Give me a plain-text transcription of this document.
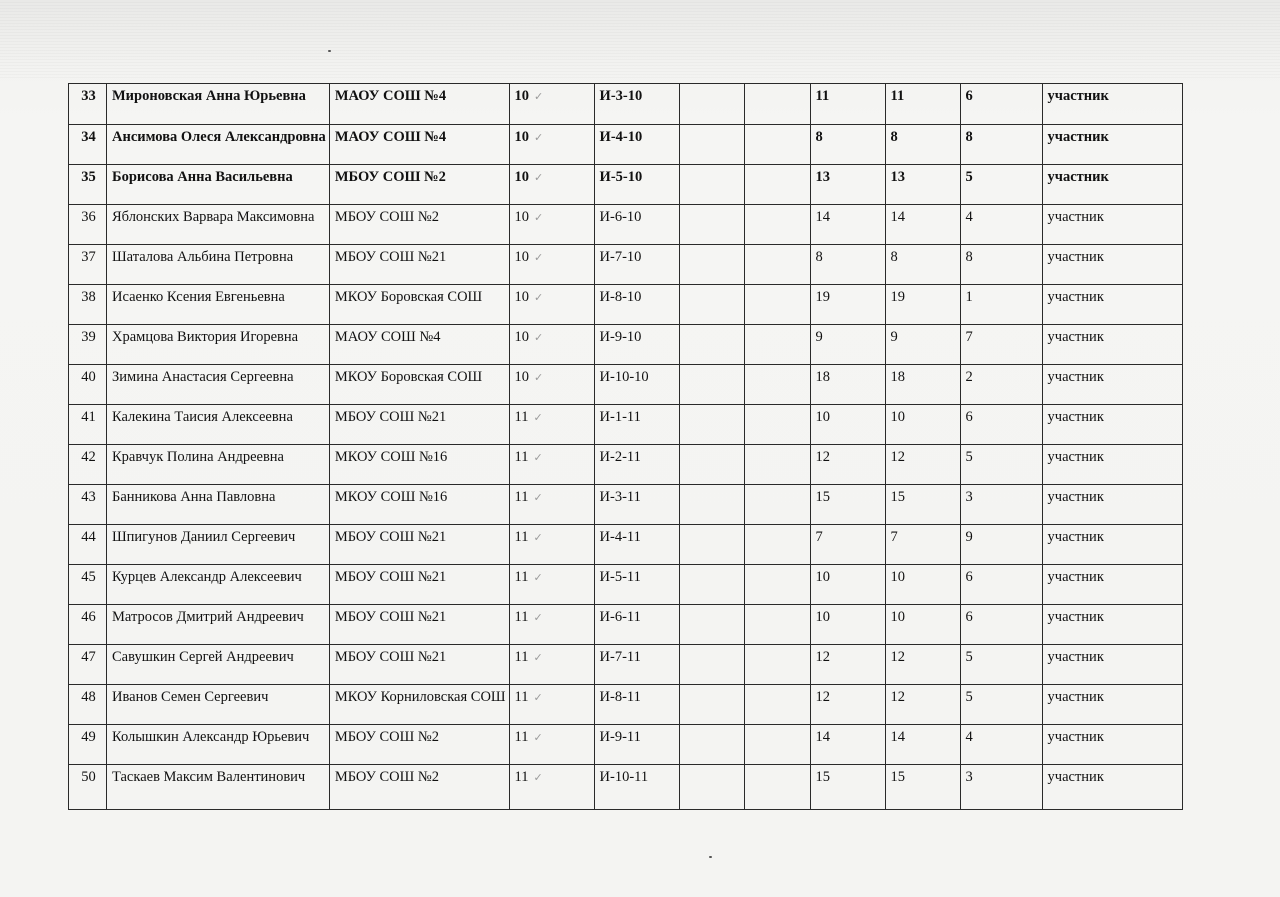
33	Мироновская Анна Юрьевна	МАОУ СОШ №4	10 ✓	И-3-10			11	11	6	участник
34	Ансимова Олеся Александровна	МАОУ СОШ №4	10 ✓	И-4-10			8	8	8	участник
35	Борисова Анна Васильевна	МБОУ СОШ №2	10 ✓	И-5-10			13	13	5	участник
36	Яблонских Варвара Максимовна	МБОУ СОШ №2	10 ✓	И-6-10			14	14	4	участник
37	Шаталова Альбина Петровна	МБОУ СОШ №21	10 ✓	И-7-10			8	8	8	участник
38	Исаенко Ксения Евгеньевна	МКОУ Боровская СОШ	10 ✓	И-8-10			19	19	1	участник
39	Храмцова Виктория Игоревна	МАОУ СОШ №4	10 ✓	И-9-10			9	9	7	участник
40	Зимина Анастасия Сергеевна	МКОУ Боровская СОШ	10 ✓	И-10-10			18	18	2	участник
41	Калекина Таисия Алексеевна	МБОУ СОШ №21	11 ✓	И-1-11			10	10	6	участник
42	Кравчук Полина Андреевна	МКОУ СОШ №16	11 ✓	И-2-11			12	12	5	участник
43	Банникова Анна Павловна	МКОУ СОШ №16	11 ✓	И-3-11			15	15	3	участник
44	Шпигунов Даниил Сергеевич	МБОУ СОШ №21	11 ✓	И-4-11			7	7	9	участник
45	Курцев Александр Алексеевич	МБОУ СОШ №21	11 ✓	И-5-11			10	10	6	участник
46	Матросов Дмитрий Андреевич	МБОУ СОШ №21	11 ✓	И-6-11			10	10	6	участник
47	Савушкин Сергей Андреевич	МБОУ СОШ №21	11 ✓	И-7-11			12	12	5	участник
48	Иванов Семен Сергеевич	МКОУ Корниловская СОШ	11 ✓	И-8-11			12	12	5	участник
49	Колышкин Александр Юрьевич	МБОУ СОШ №2	11 ✓	И-9-11			14	14	4	участник
50	Таскаев Максим Валентинович	МБОУ СОШ №2	11 ✓	И-10-11			15	15	3	участник
